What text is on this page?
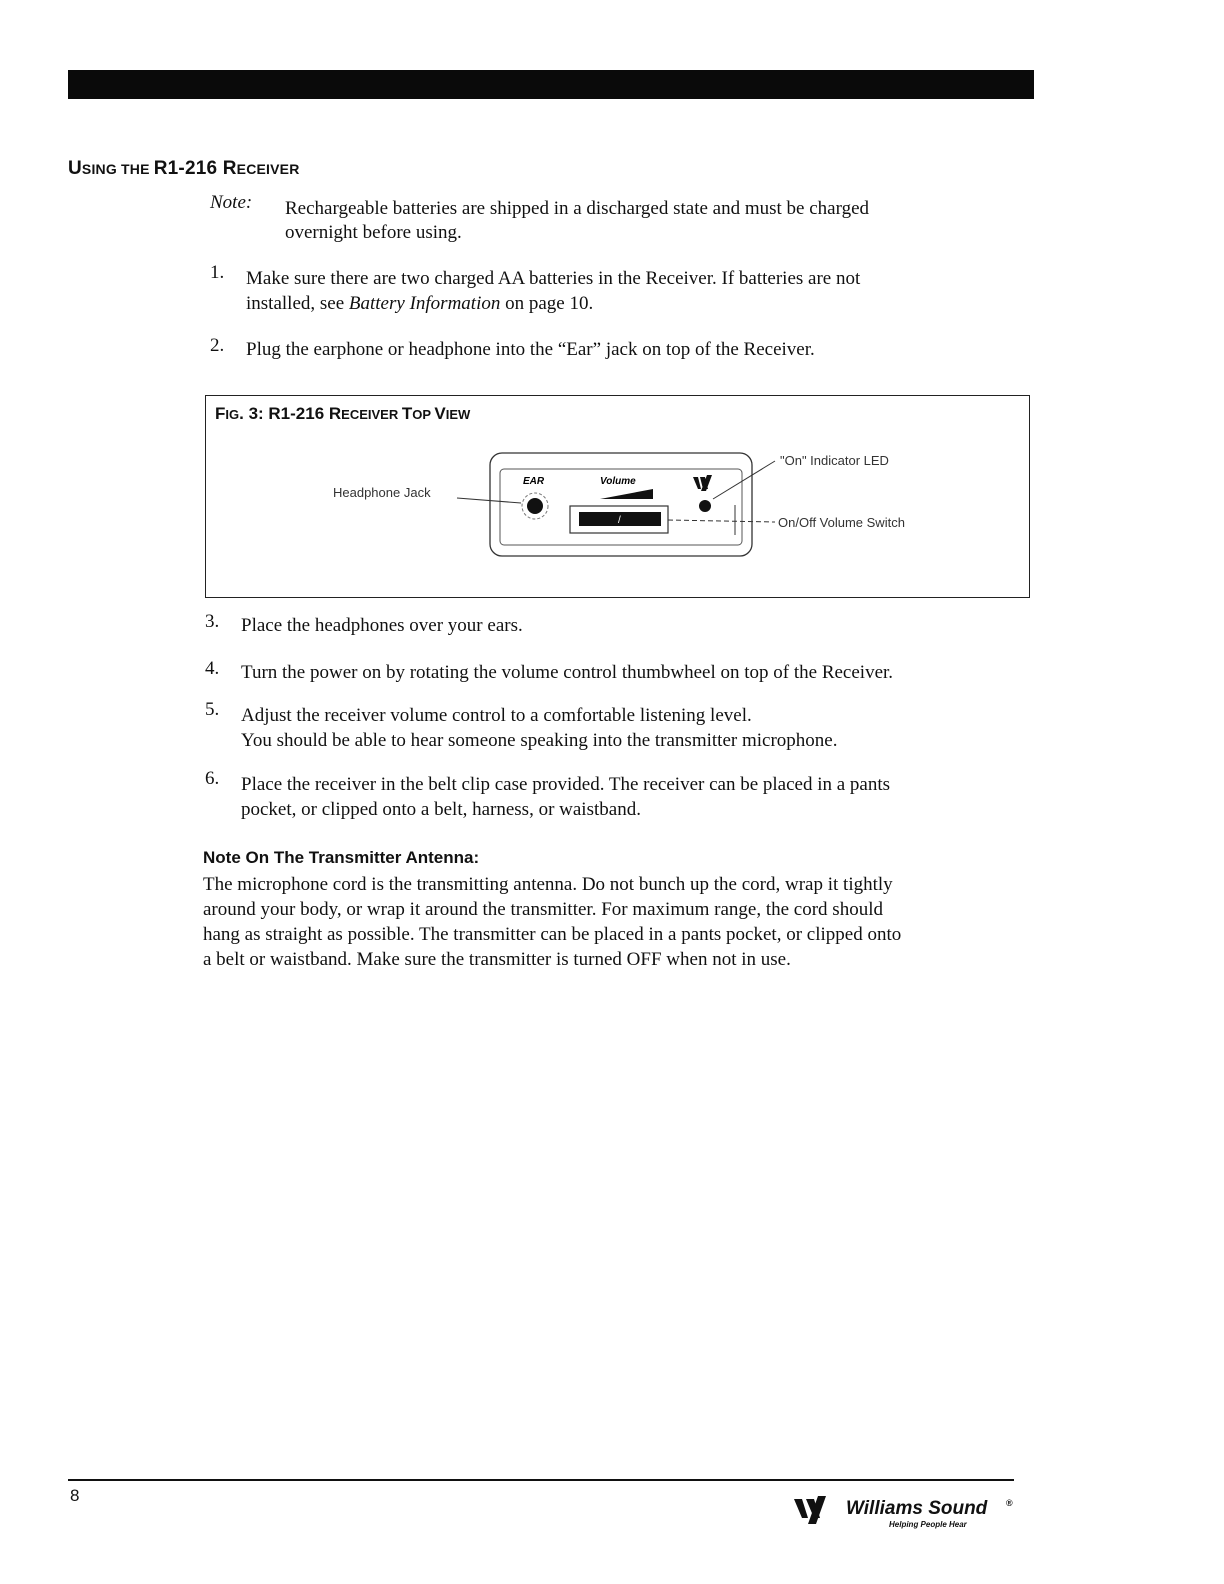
USING THE R1-216 RECEIVER
Note: Rechargeable batteries are shipped in a discharged state and must be charged
overnight before using.
1. Make sure there are two charged AA batteries in the Receiver. If batteries are not
installed, see Battery Information on page 10.
2. Plug the earphone or headphone into the “Ear” jack on top of the Receiver.
FIG. 3: R1-216 RECEIVER TOP VIEW
EAR	Volume
/
"On" Indicator LED
Headphone Jack
On/Off Volume Switch
3. Place the headphones over your ears.
4. Turn the power on by rotating the volume control thumbwheel on top of the Receiver.
5. Adjust the receiver volume control to a comfortable listening level.
You should be able to hear someone speaking into the transmitter microphone.
6. Place the receiver in the belt clip case provided. The receiver can be placed in a pants
pocket, or clipped onto a belt, harness, or waistband.
Note On The Transmitter Antenna:
The microphone cord is the transmitting antenna. Do not bunch up the cord, wrap it tightly
around your body, or wrap it around the transmitter. For maximum range, the cord should
hang as straight as possible. The transmitter can be placed in a pants pocket, or clipped onto
a belt or waistband. Make sure the transmitter is turned OFF when not in use.
8
Williams Sound ®
Helping People Hear
